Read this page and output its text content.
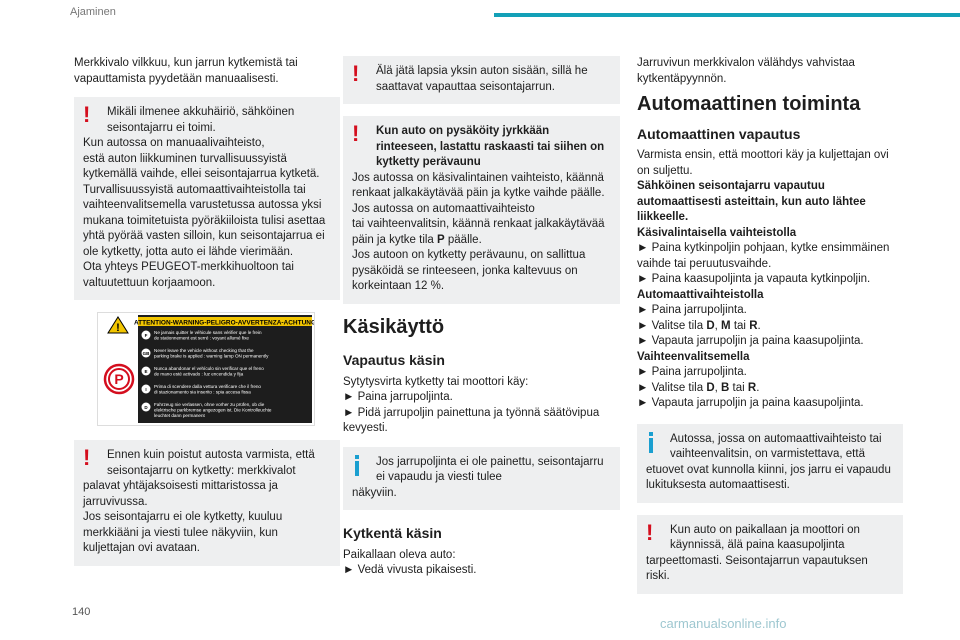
Ajaminen

Merkkivalo vilkkuu, kun jarrun kytkemistä tai vapauttamista pyydetään manuaalisesti.

!	Mikäli ilmenee akkuhäiriö, sähköinen seisontajarru ei toimi.
Kun autossa on manuaalivaihteisto,
estä auton liikkuminen turvallisuussyistä kytkemällä vaihde, ellei seisontajarrua kytketä.
Turvallisuussyistä automaattivaihteistolla tai vaihteenvalitsemella varustetussa autossa yksi mukana toimitetuista pyöräkiiloista tulisi asettaa yhtä pyörää vasten silloin, kun seisontajarrua ei ole kytketty, jotta auto ei lähde vierimään.
Ota yhteys PEUGEOT-merkkihuoltoon tai valtuutettuun korjaamoon.
! ATTENTION-WARNING-PELIGRO-AVVERTENZA-ACHTUNG
P
F
Ne jamais quitter le véhicule sans vérifier que le frein
de stationnement est serré : voyant allumé fixe
GB
Never leave the vehicle without checking that the
parking brake is applied : warning lamp ON permanently
E
Nunca abandonar el vehículo sin verificar que el freno
de mano esté activado : luz encendida y fija
I
Prima di scendere dalla vettura verificare che il freno
di stazionamento sia inserito : spia accesa fissa
D
Fahrzeug nie verlassen, ohne vorher zu prüfen, ob die
elektrische parkbremse angezogen ist. Die Kontrolleuchte
leuchtet dann permanent
!	Ennen kuin poistut autosta varmista, että seisontajarru on kytketty: merkkivalot
palavat yhtäjaksoisesti mittaristossa ja jarruvivussa.
Jos seisontajarru ei ole kytketty, kuuluu merkkiääni ja viesti tulee näkyviin, kun kuljettajan ovi avataan.
!	Älä jätä lapsia yksin auton sisään, sillä he saattavat vapauttaa seisontajarrun.
!	Kun auto on pysäköity jyrkkään rinteeseen, lastattu raskaasti tai siihen on kytketty perävaunu
Jos autossa on käsivalintainen vaihteisto, käännä renkaat jalkakäytävää päin ja kytke vaihde päälle.
Jos autossa on automaattivaihteisto
tai vaihteenvalitsin, käännä renkaat jalkakäytävää päin ja kytke tila P päälle.
Jos autoon on kytketty perävaunu, on sallittua pysäköidä se rinteeseen, jonka kaltevuus on korkeintaan 12 %.
Käsikäyttö
Vapautus käsin

Sytytysvirta kytketty tai moottori käy:
► Paina jarrupoljinta.
► Pidä jarrupoljin painettuna ja työnnä säätövipua kevyesti.

Jos jarrupoljinta ei ole painettu, seisontajarru ei vapaudu ja viesti tulee
näkyviin.
Kytkentä käsin

Paikallaan oleva auto:
► Vedä vivusta pikaisesti.

Jarruvivun merkkivalon välähdys vahvistaa kytkentäpyynnön.

Automaattinen toiminta
Automaattinen vapautus
Varmista ensin, että moottori käy ja kuljettajan ovi on suljettu.
Sähköinen seisontajarru vapautuu automaattisesti asteittain, kun auto lähtee liikkeelle.
Käsivalintaisella vaihteistolla
► Paina kytkinpoljin pohjaan, kytke ensimmäinen vaihde tai peruutusvaihde.
► Paina kaasupoljinta ja vapauta kytkinpoljin.
Automaattivaihteistolla
► Paina jarrupoljinta.
► Valitse tila D, M tai R.
► Vapauta jarrupoljin ja paina kaasupoljinta.
Vaihteenvalitsemella
► Paina jarrupoljinta.
► Valitse tila D, B tai R.
► Vapauta jarrupoljin ja paina kaasupoljinta.
Autossa, jossa on automaattivaihteisto tai vaihteenvalitsin, on varmistettava, että
etuovet ovat kunnolla kiinni, jos jarru ei vapaudu lukituksesta automaattisesti.
!	Kun auto on paikallaan ja moottori on käynnissä, älä paina kaasupoljinta
tarpeettomasti. Seisontajarrun vapautuksen riski.
140
carmanualsonline.info
